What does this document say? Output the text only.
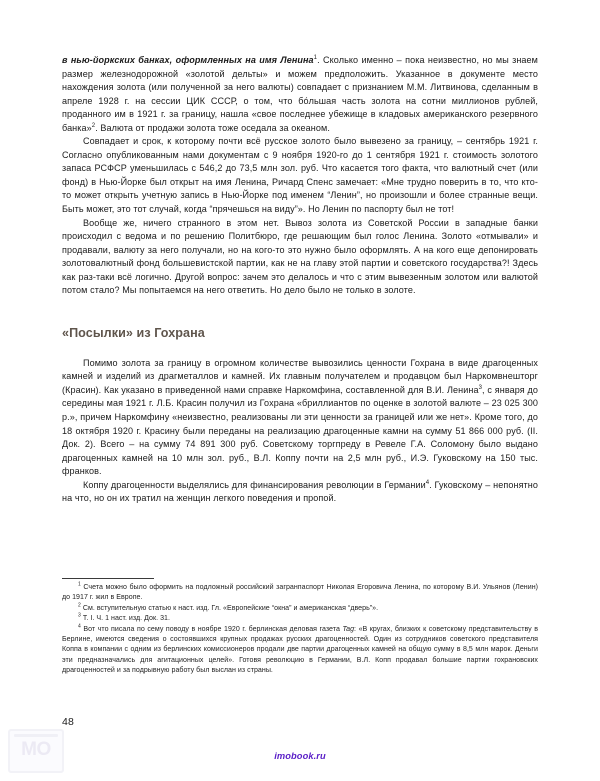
в нью-йоркских банках, оформленных на имя Ленина$^1$. Сколько именно – пока неизвестно, но мы знаем размер железнодорожной «золотой дельты» и можем предположить. Указанное в документе место нахождения золота (или полученной за него валюты) совпадает с признанием М.М. Литвинова, сделанным в апреле 1928 г. на сессии ЦИК СССР, о том, что бо́льшая часть золота на сотни миллионов рублей, проданного им в 1921 г. за границу, нашла «свое последнее убежище в кладовых американского резервного банка»$^2$. Валюта от продажи золота тоже оседала за океаном.

Совпадает и срок, к которому почти всё русское золото было вывезено за границу, – сентябрь 1921 г. Согласно опубликованным нами документам с 9 ноября 1920-го до 1 сентября 1921 г. стоимость золотого запаса РСФСР уменьшилась с 546,2 до 73,5 млн зол. руб. Что касается того факта, что валютный счет (или фонд) в Нью-Йорке был открыт на имя Ленина, Ричард Спенс замечает: «Мне трудно поверить в то, что кто-то может открыть учетную запись в Нью-Йорке под именем “Ленин”, но произошли и более странные вещи. Быть может, это тот случай, когда “прячешься на виду”». Но Ленин по паспорту был не тот!

Вообще же, ничего странного в этом нет. Вывоз золота из Советской России в западные банки происходил с ведома и по решению Политбюро, где решающим был голос Ленина. Золото «отмывали» и продавали, валюту за него получали, но на кого-то это нужно было оформлять. А на кого еще депонировать золотовалютный фонд большевистской партии, как не на главу этой партии и советского государства?! Здесь как раз-таки всё логично. Другой вопрос: зачем это делалось и что с этим вывезенным золотом или валютой потом стало? Мы попытаемся на него ответить. Но дело было не только в золоте.

«Посылки» из Гохрана

Помимо золота за границу в огромном количестве вывозились ценности Гохрана в виде драгоценных камней и изделий из драгметаллов и камней. Их главным получателем и продавцом был Наркомвнешторг (Красин). Как указано в приведенной нами справке Наркомфина, составленной для В.И. Ленина$^3$, с января до середины мая 1921 г. Л.Б. Красин получил из Гохрана «бриллиантов по оценке в золотой валюте – 23 025 300 р.», причем Наркомфину «неизвестно, реализованы ли эти ценности за границей или же нет». Кроме того, до 18 октября 1920 г. Красину были переданы на реализацию драгоценные камни на сумму 51 866 000 руб. (II. Док. 2). Всего – на сумму 74 891 300 руб. Советскому торгпреду в Ревеле Г.А. Соломону было выдано драгоценных камней на 10 млн зол. руб., В.Л. Коппу почти на 2,5 млн руб., И.Э. Гуковскому на 150 тыс. франков.

Коппу драгоценности выделялись для финансирования революции в Германии$^4$. Гуковскому – непонятно на что, но он их тратил на женщин легкого поведения и пропой.

$^1$ Счета можно было оформить на подложный российский загранпаспорт Николая Егоровича Ленина, по которому В.И. Ульянов (Ленин) до 1917 г. жил в Европе.

$^2$ См. вступительную статью к наст. изд. Гл. «Европейские “окна” и американская “дверь”».

$^3$ Т. I. Ч. 1 наст. изд. Док. 31.

$^4$ Вот что писала по сему поводу в ноябре 1920 г. берлинская деловая газета Tag: «В кругах, близких к советскому представительству в Берлине, имеются сведения о состоявшихся крупных продажах русских драгоценностей. Один из сотрудников советского представителя Коппа в компании с одним из берлинских комиссионеров продали две партии драгоценных камней на общую сумму в 8,5 млн марок. Деньги эти предназначались для агитационных целей». Готовя революцию в Германии, В.Л. Копп продавал большие партии гохрановских драгоценностей и за подрывную работу был выслан из страны.

48
imobook.ru
MO
